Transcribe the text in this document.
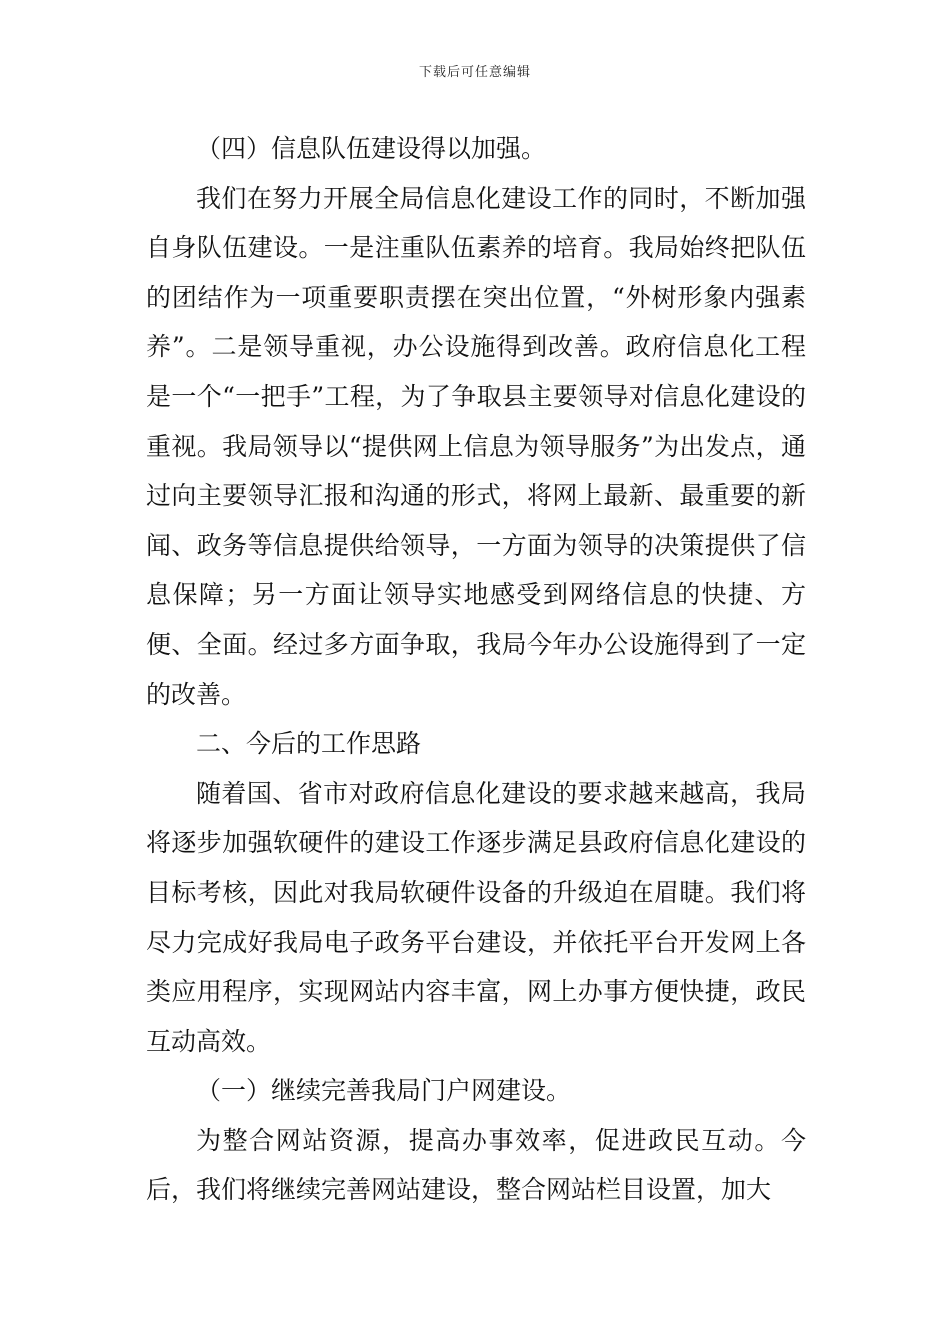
下载后可任意编辑

（四）信息队伍建设得以加强。

我们在努力开展全局信息化建设工作的同时，不断加强自身队伍建设。一是注重队伍素养的培育。我局始终把队伍的团结作为一项重要职责摆在突出位置，“外树形象内强素养”。二是领导重视，办公设施得到改善。政府信息化工程是一个“一把手”工程，为了争取县主要领导对信息化建设的重视。我局领导以“提供网上信息为领导服务”为出发点，通过向主要领导汇报和沟通的形式，将网上最新、最重要的新闻、政务等信息提供给领导，一方面为领导的决策提供了信息保障；另一方面让领导实地感受到网络信息的快捷、方便、全面。经过多方面争取，我局今年办公设施得到了一定的改善。

二、今后的工作思路

随着国、省市对政府信息化建设的要求越来越高，我局将逐步加强软硬件的建设工作逐步满足县政府信息化建设的目标考核，因此对我局软硬件设备的升级迫在眉睫。我们将尽力完成好我局电子政务平台建设，并依托平台开发网上各类应用程序，实现网站内容丰富，网上办事方便快捷，政民互动高效。

（一）继续完善我局门户网建设。

为整合网站资源，提高办事效率，促进政民互动。今后，我们将继续完善网站建设，整合网站栏目设置，加大
